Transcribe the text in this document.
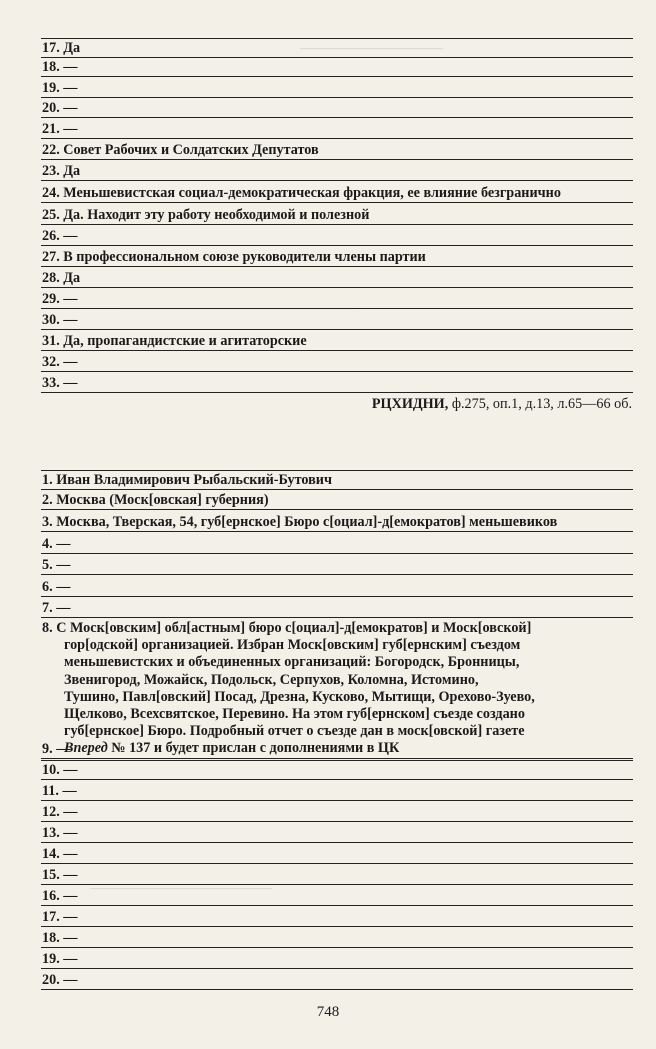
———————————
——————————————————
——————————————
17. Да
18. —
19. —
20. —
21. —
22. Совет Рабочих и Солдатских Депутатов
23. Да
24. Меньшевистская социал-демократическая фракция, ее влияние безгранично
25. Да. Находит эту работу необходимой и полезной
26. —
27. В профессиональном союзе руководители члены партии
28. Да
29. —
30. —
31. Да, пропагандистские и агитаторские
32. —
33. —
РЦХИДНИ, ф.275, оп.1, д.13, л.65—66 об.
1. Иван Владимирович Рыбальский-Бутович
2. Москва (Моск[овская] губерния)
3. Москва, Тверская, 54, губ[ернское] Бюро с[оциал]-д[емократов] меньшевиков
4. —
5. —
6. —
7. —
8. С Моск[овским] обл[астным] бюро с[оциал]-д[емократов] и Моск[овской]
гор[одской] организацией. Избран Моск[овским] губ[ернским] съездом
меньшевистских и объединенных организаций: Богородск, Бронницы,
Звенигород, Можайск, Подольск, Серпухов, Коломна, Истомино,
Тушино, Павл[овский] Посад, Дрезна, Кусково, Мытищи, Орехово-Зуево,
Щелково, Всехсвятское, Перевино. На этом губ[ернском] съезде создано
губ[ернское] Бюро. Подробный отчет о съезде дан в моск[овской] газете
Вперед № 137 и будет прислан с дополнениями в ЦК
9. —
10. —
11. —
12. —
13. —
14. —
15. —
16. —
17. —
18. —
19. —
20. —
748
